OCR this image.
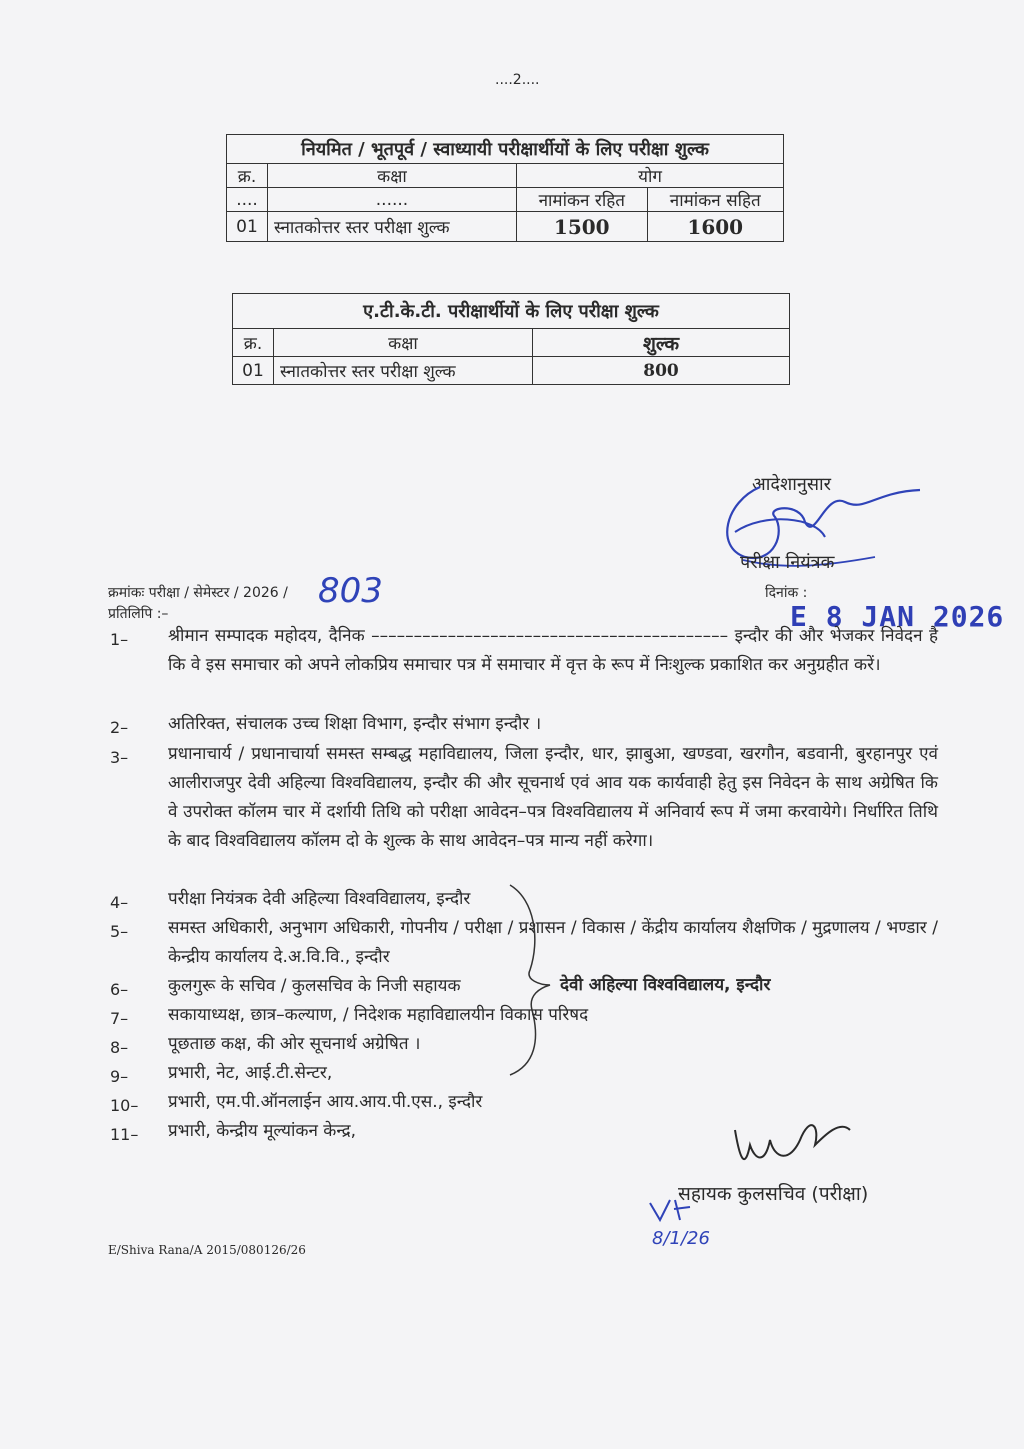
....2....
नियमित / भूतपूर्व / स्वाध्यायी परीक्षार्थीयों के लिए परीक्षा शुल्क			
क्र.	कक्षा	योग	
....	......	नामांकन रहित	नामांकन सहित
01	स्नातकोत्तर स्तर परीक्षा शुल्क	1500	1600
ए.टी.के.टी. परीक्षार्थीयों के लिए परीक्षा शुल्क		
क्र.	कक्षा	शुल्क
01	स्नातकोत्तर स्तर परीक्षा शुल्क	800
आदेशानुसार
परीक्षा नियंत्रक
क्रमांकः परीक्षा / सेमेस्टर / 2026 / 803	दिनांक :
E 8 JAN 2026
प्रतिलिपि :–
1– श्रीमान सम्पादक महोदय, दैनिक –––––––––––––––––––––––––––––––––––––––––– इन्दौर की और भेजकर निवेदन है कि वे इस समाचार को अपने लोकप्रिय समाचार पत्र में समाचार में वृत्त के रूप में निःशुल्क प्रकाशित कर अनुग्रहीत करें।
2– अतिरिक्त, संचालक उच्च शिक्षा विभाग, इन्दौर संभाग इन्दौर ।
3– प्रधानाचार्य / प्रधानाचार्या समस्त सम्बद्ध महाविद्यालय, जिला इन्दौर, धार, झाबुआ, खण्डवा, खरगौन, बडवानी, बुरहानपुर एवं आलीराजपुर देवी अहिल्या विश्वविद्यालय, इन्दौर की और सूचनार्थ एवं आव यक कार्यवाही हेतु इस निवेदन के साथ अग्रेषित कि वे उपरोक्त कॉलम चार में दर्शायी तिथि को परीक्षा आवेदन–पत्र विश्वविद्यालय में अनिवार्य रूप में जमा करवायेगे। निर्धारित तिथि के बाद विश्वविद्यालय कॉलम दो के शुल्क के साथ आवेदन–पत्र मान्य नहीं करेगा।
4– परीक्षा नियंत्रक देवी अहिल्या विश्वविद्यालय, इन्दौर
5– समस्त अधिकारी, अनुभाग अधिकारी, गोपनीय / परीक्षा / प्रशासन / विकास / केंद्रीय कार्यालय शैक्षणिक / मुद्रणालय / भण्डार / केन्द्रीय कार्यालय दे.अ.वि.वि., इन्दौर
6– कुलगुरू के सचिव / कुलसचिव के निजी सहायक
7– सकायाध्यक्ष, छात्र–कल्याण, / निदेशक महाविद्यालयीन विकास परिषद
8– पूछताछ कक्ष, की ओर सूचनार्थ अग्रेषित ।
9– प्रभारी, नेट, आई.टी.सेन्टर,
10– प्रभारी, एम.पी.ऑनलाईन आय.आय.पी.एस., इन्दौर
11– प्रभारी, केन्द्रीय मूल्यांकन केन्द्र,
देवी अहिल्या विश्वविद्यालय, इन्दौर
सहायक कुलसचिव (परीक्षा)
8/1/26
E/Shiva Rana/A 2015/080126/26
